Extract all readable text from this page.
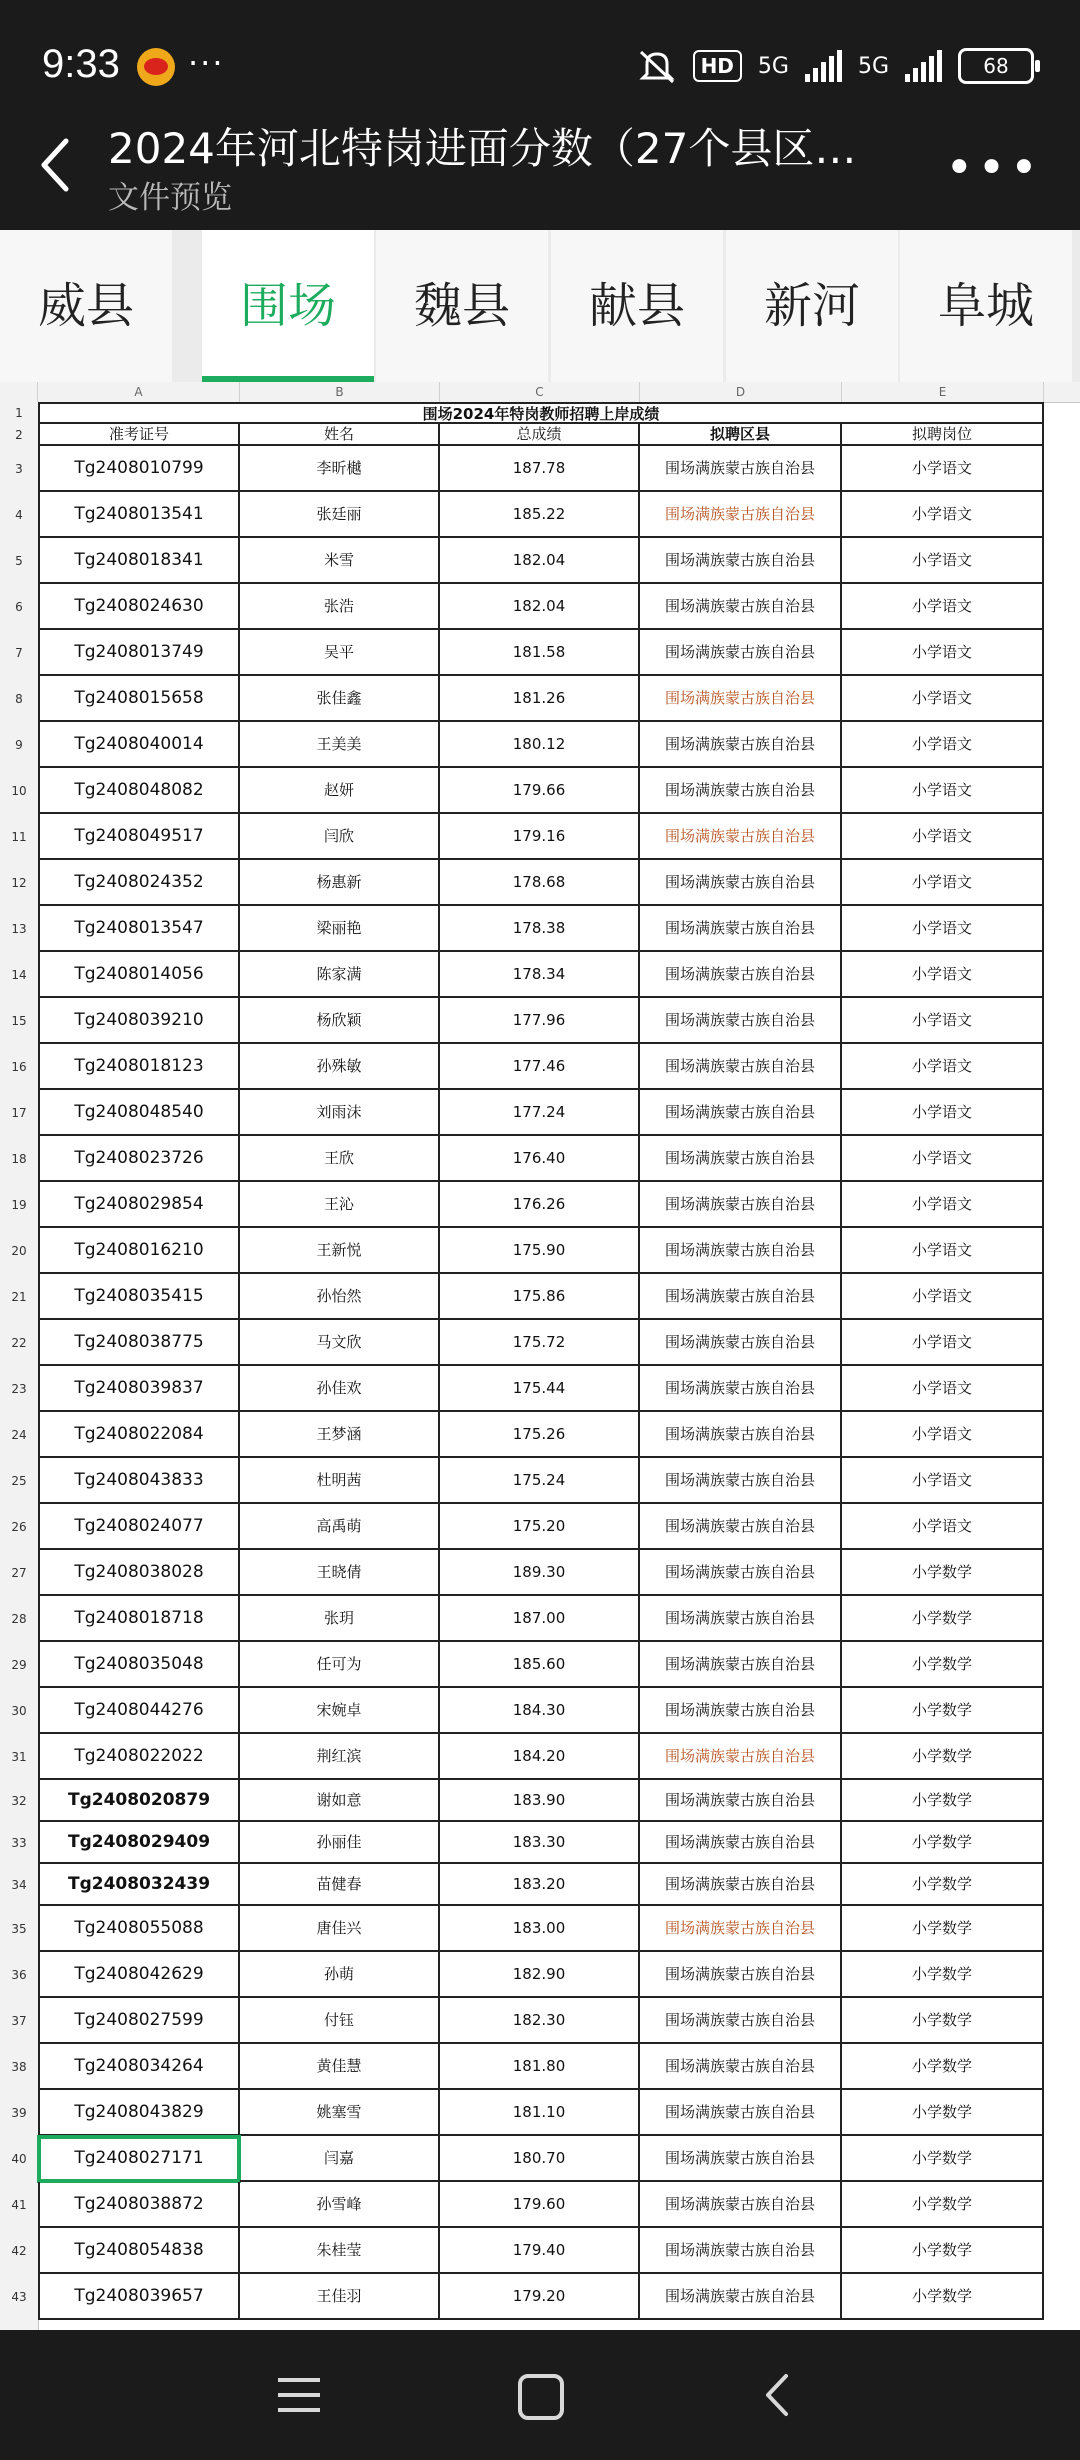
9:33 ···	HD	5G	5G	68
2024年河北特岗进面分数（27个县区…
文件预览
•••
威县	围场	魏县	献县	新河	阜城
A	B	C	D	E
1
2
3
4
5
6
7
8
9
10
11
12
13
14
15
16
17
18
19
20
21
22
23
24
25
26
27
28
29
30
31
32
33
34
35
36
37
38
39
40
41
42
43
围场2024年特岗教师招聘上岸成绩
准考证号	姓名	总成绩	拟聘区县	拟聘岗位
Tg2408010799	李昕樾	187.78	围场满族蒙古族自治县	小学语文
Tg2408013541	张廷丽	185.22	围场满族蒙古族自治县	小学语文
Tg2408018341	米雪	182.04	围场满族蒙古族自治县	小学语文
Tg2408024630	张浩	182.04	围场满族蒙古族自治县	小学语文
Tg2408013749	吴平	181.58	围场满族蒙古族自治县	小学语文
Tg2408015658	张佳鑫	181.26	围场满族蒙古族自治县	小学语文
Tg2408040014	王美美	180.12	围场满族蒙古族自治县	小学语文
Tg2408048082	赵妍	179.66	围场满族蒙古族自治县	小学语文
Tg2408049517	闫欣	179.16	围场满族蒙古族自治县	小学语文
Tg2408024352	杨惠新	178.68	围场满族蒙古族自治县	小学语文
Tg2408013547	梁丽艳	178.38	围场满族蒙古族自治县	小学语文
Tg2408014056	陈家满	178.34	围场满族蒙古族自治县	小学语文
Tg2408039210	杨欣颖	177.96	围场满族蒙古族自治县	小学语文
Tg2408018123	孙殊敏	177.46	围场满族蒙古族自治县	小学语文
Tg2408048540	刘雨沫	177.24	围场满族蒙古族自治县	小学语文
Tg2408023726	王欣	176.40	围场满族蒙古族自治县	小学语文
Tg2408029854	王沁	176.26	围场满族蒙古族自治县	小学语文
Tg2408016210	王新悦	175.90	围场满族蒙古族自治县	小学语文
Tg2408035415	孙怡然	175.86	围场满族蒙古族自治县	小学语文
Tg2408038775	马文欣	175.72	围场满族蒙古族自治县	小学语文
Tg2408039837	孙佳欢	175.44	围场满族蒙古族自治县	小学语文
Tg2408022084	王梦涵	175.26	围场满族蒙古族自治县	小学语文
Tg2408043833	杜明茜	175.24	围场满族蒙古族自治县	小学语文
Tg2408024077	高禹萌	175.20	围场满族蒙古族自治县	小学语文
Tg2408038028	王晓倩	189.30	围场满族蒙古族自治县	小学数学
Tg2408018718	张玥	187.00	围场满族蒙古族自治县	小学数学
Tg2408035048	任可为	185.60	围场满族蒙古族自治县	小学数学
Tg2408044276	宋婉卓	184.30	围场满族蒙古族自治县	小学数学
Tg2408022022	荆红滨	184.20	围场满族蒙古族自治县	小学数学
Tg2408020879	谢如意	183.90	围场满族蒙古族自治县	小学数学
Tg2408029409	孙丽佳	183.30	围场满族蒙古族自治县	小学数学
Tg2408032439	苗健春	183.20	围场满族蒙古族自治县	小学数学
Tg2408055088	唐佳兴	183.00	围场满族蒙古族自治县	小学数学
Tg2408042629	孙萌	182.90	围场满族蒙古族自治县	小学数学
Tg2408027599	付钰	182.30	围场满族蒙古族自治县	小学数学
Tg2408034264	黄佳慧	181.80	围场满族蒙古族自治县	小学数学
Tg2408043829	姚塞雪	181.10	围场满族蒙古族自治县	小学数学
Tg2408027171	闫嘉	180.70	围场满族蒙古族自治县	小学数学
Tg2408038872	孙雪峰	179.60	围场满族蒙古族自治县	小学数学
Tg2408054838	朱桂莹	179.40	围场满族蒙古族自治县	小学数学
Tg2408039657	王佳羽	179.20	围场满族蒙古族自治县	小学数学
